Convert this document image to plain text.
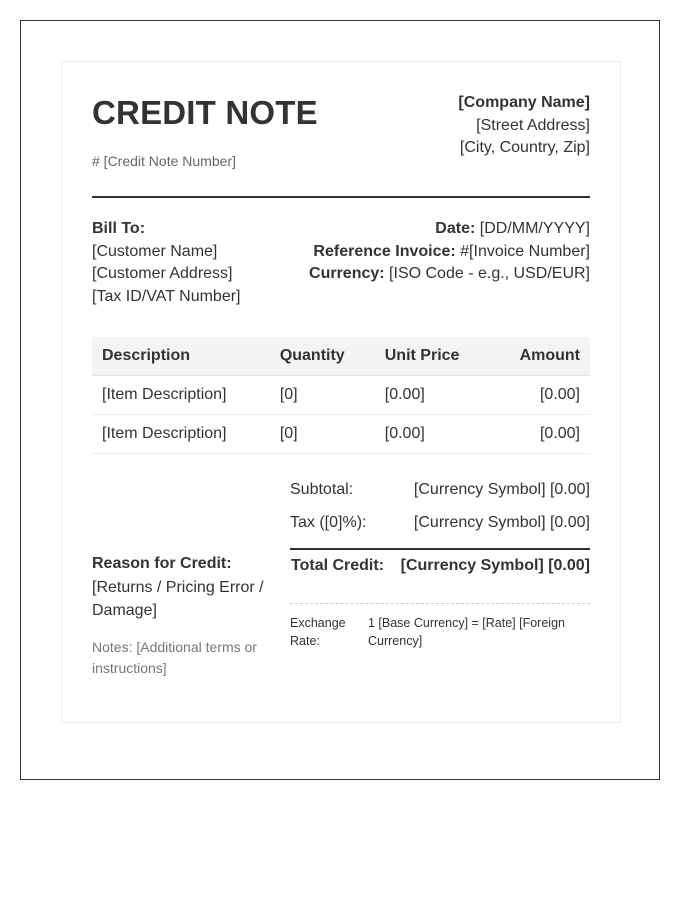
CREDIT NOTE
# [Credit Note Number]
[Company Name]
[Street Address]
[City, Country, Zip]
Bill To:
[Customer Name]
[Customer Address]
[Tax ID/VAT Number]
Date: [DD/MM/YYYY]
Reference Invoice: #[Invoice Number]
Currency: [ISO Code - e.g., USD/EUR]
Description	Quantity	Unit Price	Amount
[Item Description]	[0]	[0.00]	[0.00]
[Item Description]	[0]	[0.00]	[0.00]
Subtotal:	[Currency Symbol] [0.00]
Tax ([0]%):	[Currency Symbol] [0.00]
Total Credit: [Currency Symbol] [0.00]
Exchange Rate:
1 [Base Currency] = [Rate] [Foreign Currency]
Reason for Credit:
[Returns / Pricing Error / Damage]
Notes: [Additional terms or instructions]
